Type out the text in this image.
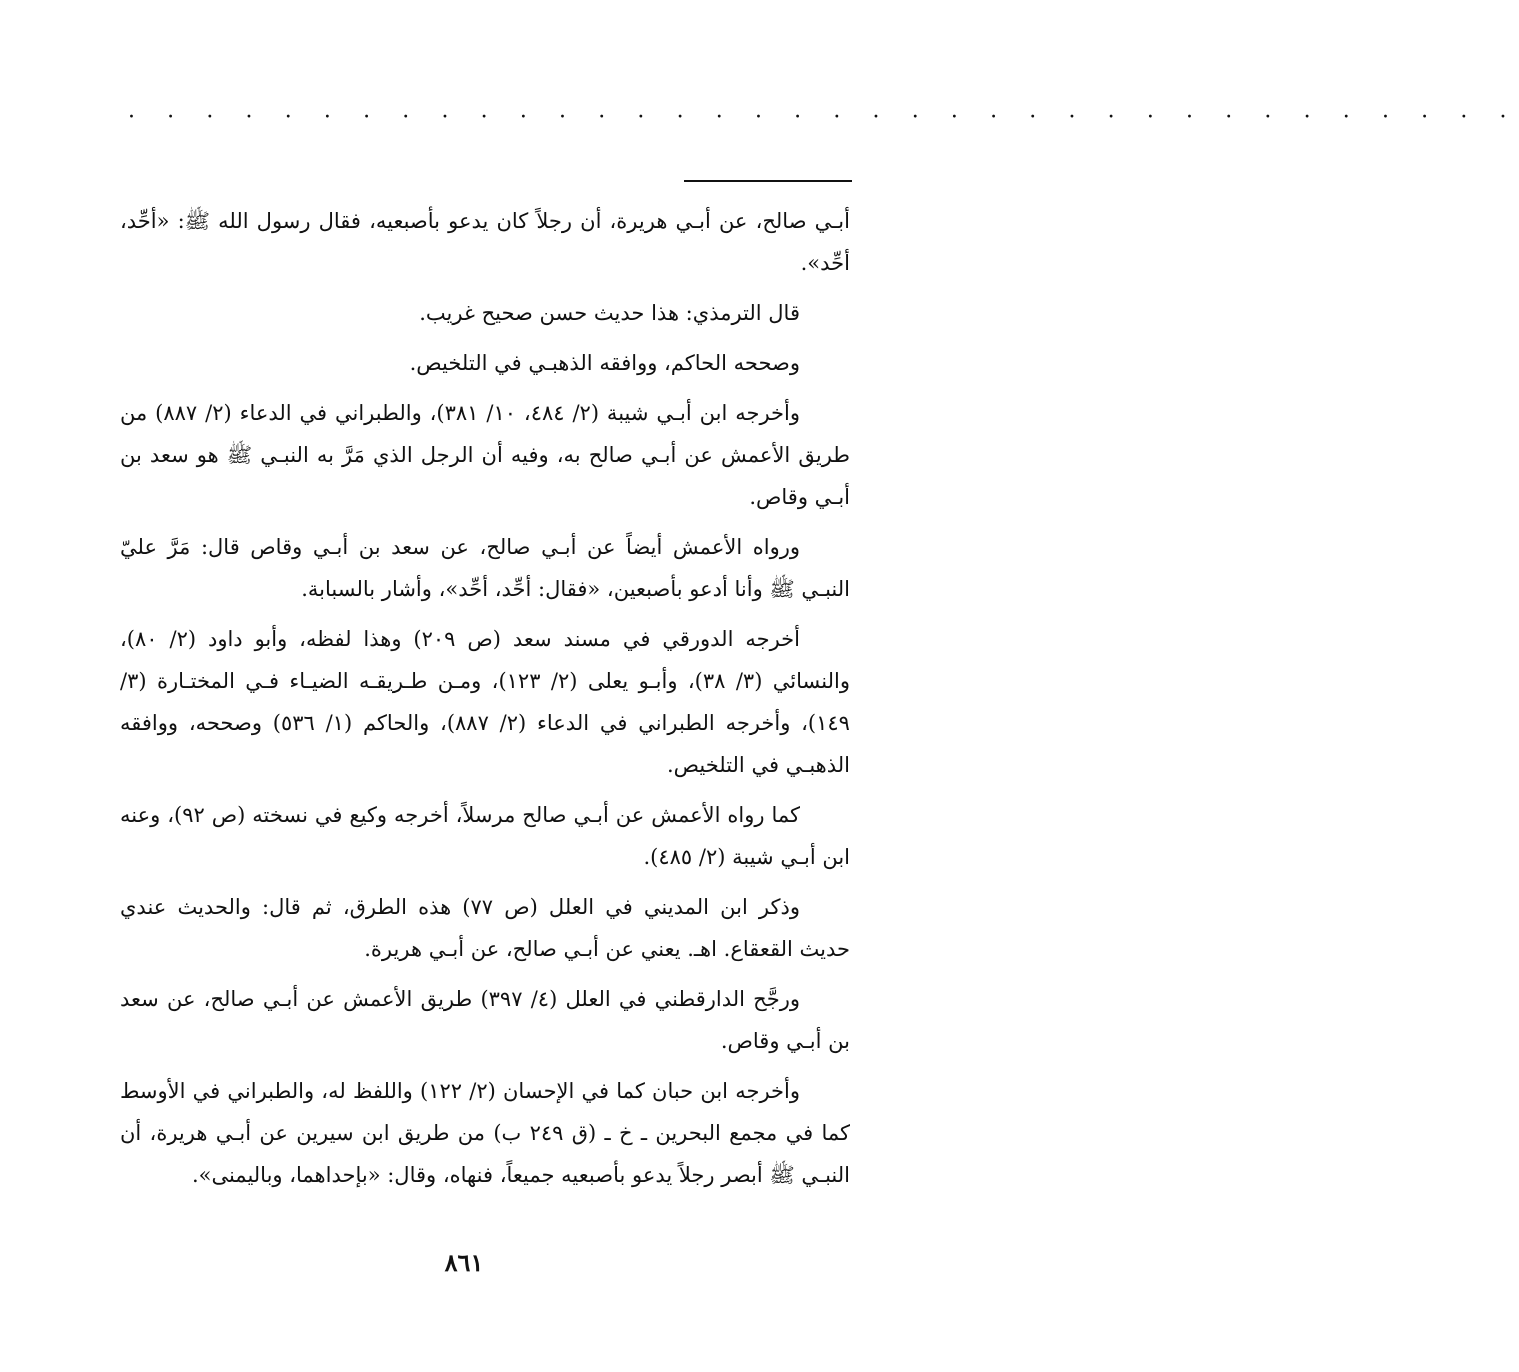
· · · · · · · · · · · · · · · · · · · · · · · · · · · · · · · · · · · ·

أبـي صالح، عن أبـي هريرة، أن رجلاً كان يدعو بأصبعيه، فقال رسول الله ﷺ: «أحِّد، أحِّد».

قال الترمذي: هذا حديث حسن صحيح غريب.

وصححه الحاكم، ووافقه الذهبـي في التلخيص.

وأخرجه ابن أبـي شيبة (٢/ ٤٨٤، ١٠/ ٣٨١)، والطبراني في الدعاء (٢/ ٨٨٧) من طريق الأعمش عن أبـي صالح به، وفيه أن الرجل الذي مَرَّ به النبـي ﷺ هو سعد بن أبـي وقاص.

ورواه الأعمش أيضاً عن أبـي صالح، عن سعد بن أبـي وقاص قال: مَرَّ عليّ النبـي ﷺ وأنا أدعو بأصبعين، «فقال: أحِّد، أحِّد»، وأشار بالسبابة.

أخرجه الدورقي في مسند سعد (ص ٢٠٩) وهذا لفظه، وأبو داود (٢/ ٨٠)، والنسائي (٣/ ٣٨)، وأبـو يعلى (٢/ ١٢٣)، ومـن طـريقـه الضيـاء فـي المختـارة (٣/ ١٤٩)، وأخرجه الطبراني في الدعاء (٢/ ٨٨٧)، والحاكم (١/ ٥٣٦) وصححه، ووافقه الذهبـي في التلخيص.

كما رواه الأعمش عن أبـي صالح مرسلاً، أخرجه وكيع في نسخته (ص ٩٢)، وعنه ابن أبـي شيبة (٢/ ٤٨٥).

وذكر ابن المديني في العلل (ص ٧٧) هذه الطرق، ثم قال: والحديث عندي حديث القعقاع. اهـ. يعني عن أبـي صالح، عن أبـي هريرة.

ورجَّح الدارقطني في العلل (٤/ ٣٩٧) طريق الأعمش عن أبـي صالح، عن سعد بن أبـي وقاص.

وأخرجه ابن حبان كما في الإحسان (٢/ ١٢٢) واللفظ له، والطبراني في الأوسط كما في مجمع البحرين ـ خ ـ (ق ٢٤٩ ب) من طريق ابن سيرين عن أبـي هريرة، أن النبـي ﷺ أبصر رجلاً يدعو بأصبعيه جميعاً، فنهاه، وقال: «بإحداهما، وباليمنى».

٨٦١
